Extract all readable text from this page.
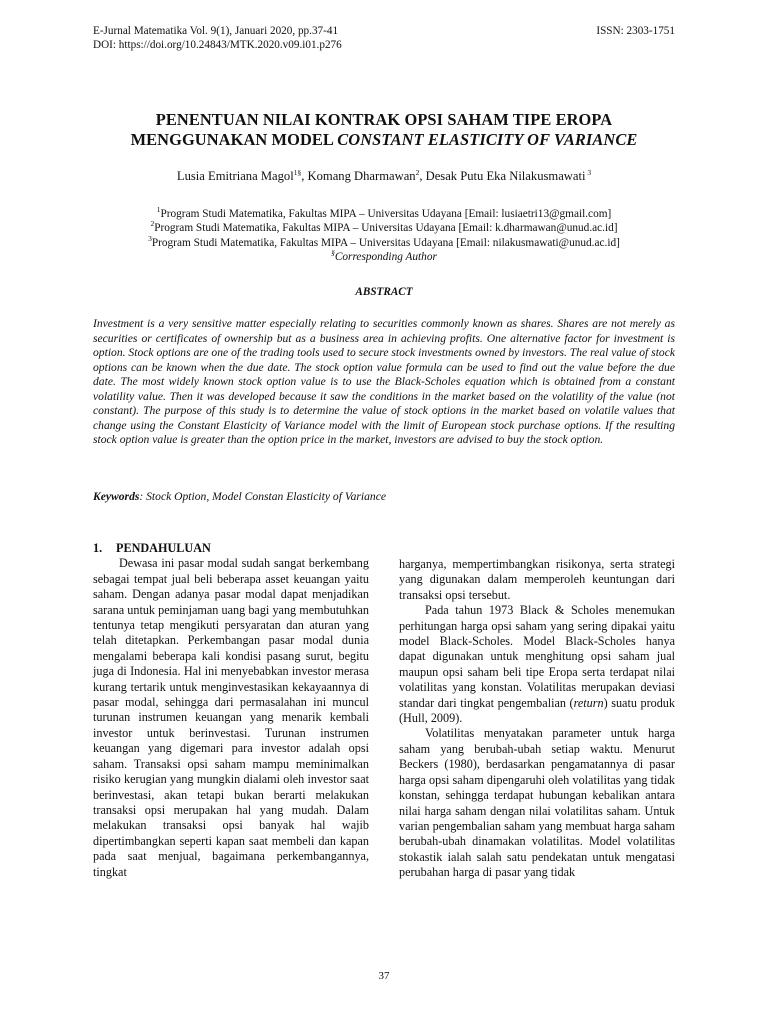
E-Jurnal Matematika Vol. 9(1), Januari 2020, pp.37-41
DOI: https://doi.org/10.24843/MTK.2020.v09.i01.p276
ISSN: 2303-1751
PENENTUAN NILAI KONTRAK OPSI SAHAM TIPE EROPA
MENGGUNAKAN MODEL CONSTANT ELASTICITY OF VARIANCE
Lusia Emitriana Magol$^{1\S}$, Komang Dharmawan$^2$, Desak Putu Eka Nilakusmawati $^3$
$^1$Program Studi Matematika, Fakultas MIPA – Universitas Udayana [Email: lusiaetri13@gmail.com]
$^2$Program Studi Matematika, Fakultas MIPA – Universitas Udayana [Email: k.dharmawan@unud.ac.id]
$^3$Program Studi Matematika, Fakultas MIPA – Universitas Udayana [Email: nilakusmawati@unud.ac.id]
§Corresponding Author
ABSTRACT
Investment is a very sensitive matter especially relating to securities commonly known as shares. Shares are not merely as securities or certificates of ownership but as a business area in achieving profits. One alternative factor for investment is option. Stock options are one of the trading tools used to secure stock investments owned by investors. The real value of stock options can be known when the due date. The stock option value formula can be used to find out the value before the due date. The most widely known stock option value is to use the Black-Scholes equation which is obtained from a constant volatility value. Then it was developed because it saw the conditions in the market based on the volatility of the value (not constant). The purpose of this study is to determine the value of stock options in the market based on volatile values that change using the Constant Elasticity of Variance model with the limit of European stock purchase options. If the resulting stock option value is greater than the option price in the market, investors are advised to buy the stock option.
Keywords: Stock Option, Model Constan Elasticity of Variance
1. PENDAHULUAN

Dewasa ini pasar modal sudah sangat berkembang sebagai tempat jual beli beberapa asset keuangan yaitu saham. Dengan adanya pasar modal dapat menjadikan sarana untuk peminjaman uang bagi yang membutuhkan tentunya tetap mengikuti persyaratan dan aturan yang telah ditetapkan. Perkembangan pasar modal dunia mengalami beberapa kali kondisi pasang surut, begitu juga di Indonesia. Hal ini menyebabkan investor merasa kurang tertarik untuk menginvestasikan kekayaannya di pasar modal, sehingga dari permasalahan ini muncul turunan instrumen keuangan yang menarik kembali investor untuk berinvestasi. Turunan instrumen keuangan yang digemari para investor adalah opsi saham. Transaksi opsi saham mampu meminimalkan risiko kerugian yang mungkin dialami oleh investor saat berinvestasi, akan tetapi bukan berarti melakukan transaksi opsi merupakan hal yang mudah. Dalam melakukan transaksi opsi banyak hal wajib dipertimbangkan seperti kapan saat membeli dan kapan pada saat menjual, bagaimana perkembangannya, tingkat

harganya, mempertimbangkan risikonya, serta strategi yang digunakan dalam memperoleh keuntungan dari transaksi opsi tersebut.

Pada tahun 1973 Black & Scholes menemukan perhitungan harga opsi saham yang sering dipakai yaitu model Black-Scholes. Model Black-Scholes hanya dapat digunakan untuk menghitung opsi saham jual maupun opsi saham beli tipe Eropa serta terdapat nilai volatilitas yang konstan. Volatilitas merupakan deviasi standar dari tingkat pengembalian (return) suatu produk (Hull, 2009).

Volatilitas menyatakan parameter untuk harga saham yang berubah-ubah setiap waktu. Menurut Beckers (1980), berdasarkan pengamatannya di pasar harga opsi saham dipengaruhi oleh volatilitas yang tidak konstan, sehingga terdapat hubungan kebalikan antara nilai harga saham dengan nilai volatilitas saham. Untuk varian pengembalian saham yang membuat harga saham berubah-ubah dinamakan volatilitas. Model volatilitas stokastik ialah salah satu pendekatan untuk mengatasi perubahan harga di pasar yang tidak

37
